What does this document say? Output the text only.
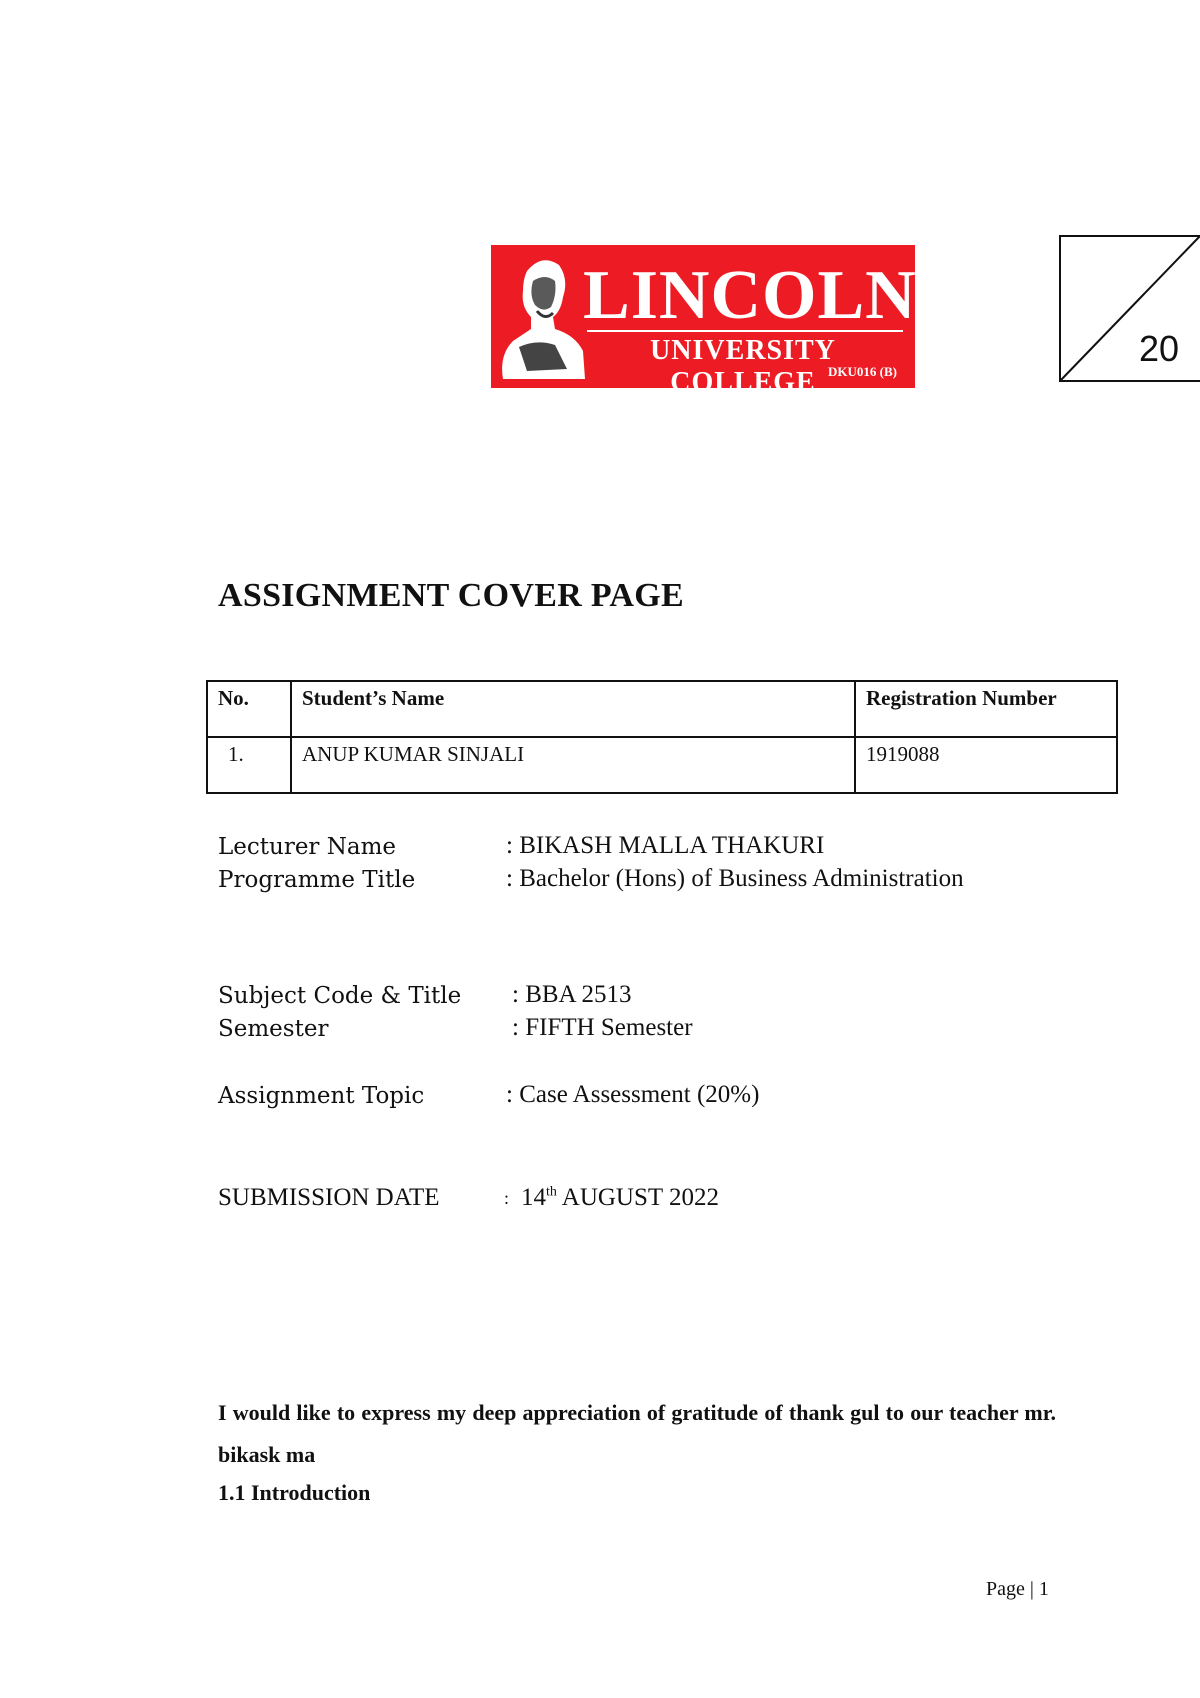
LINCOLN
UNIVERSITY COLLEGE DKU016 (B)
20
ASSIGNMENT COVER PAGE
No.	Student’s Name	Registration Number
1.	ANUP KUMAR SINJALI	1919088
Lecturer Name	: BIKASH MALLA THAKURI
Programme Title	: Bachelor (Hons) of Business Administration
Subject Code & Title : BBA 2513
Semester	: FIFTH Semester
Assignment Topic	: Case Assessment (20%)
SUBMISSION DATE	: 14th AUGUST 2022
I would like to express my deep appreciation of gratitude of thank gul to our teacher mr. bikask ma
1.1 Introduction
Page | 1
